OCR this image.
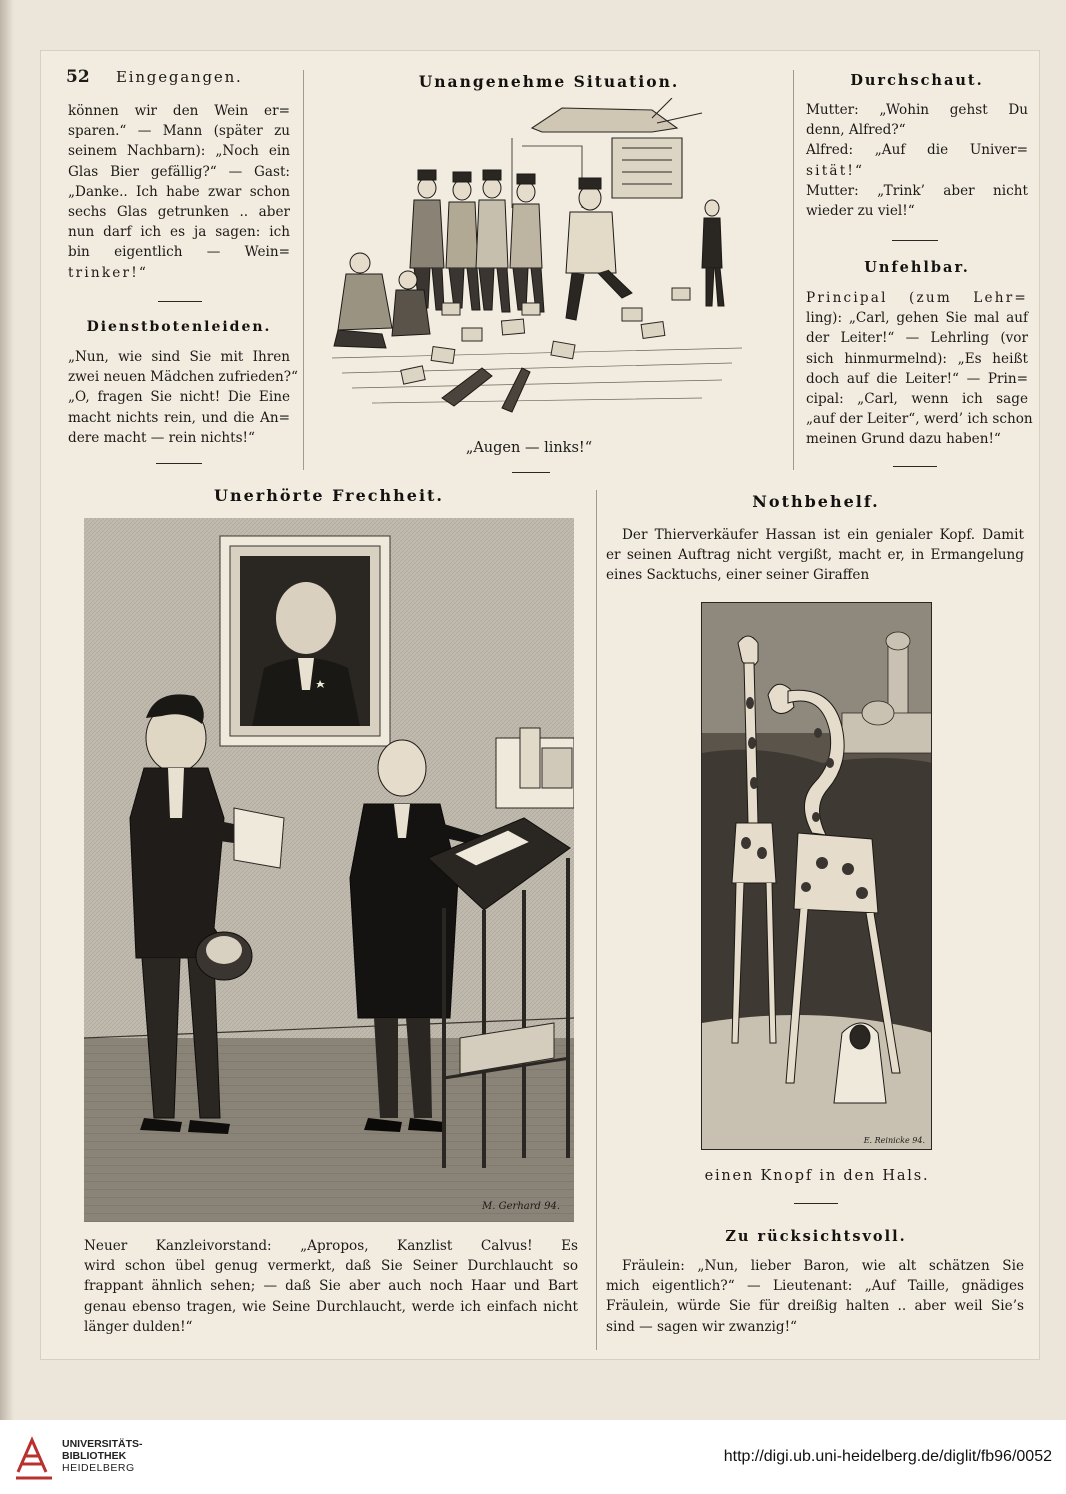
52 Eingegangen.
können wir den Wein er=
sparen.“ — Mann (später zu
seinem Nachbarn): „Noch ein
Glas Bier gefällig?“ — Gast:
„Danke.. Ich habe zwar schon
sechs Glas getrunken .. aber
nun darf ich es ja sagen: ich
bin eigentlich — Wein=
trinker!“
Dienstbotenleiden.
„Nun, wie sind Sie mit Ihren
zwei neuen Mädchen zufrieden?“
„O, fragen Sie nicht! Die Eine
macht nichts rein, und die An=
dere macht — rein nichts!“
Unangenehme Situation.
„Augen — links!“
Durchschaut.
Mutter: „Wohin gehst Du
denn, Alfred?“
Alfred: „Auf die Univer=
sität!“
Mutter: „Trink’ aber nicht
wieder zu viel!“
Unfehlbar.
Principal (zum Lehr=
ling): „Carl, gehen Sie mal auf
der Leiter!“ — Lehrling (vor
sich hinmurmelnd): „Es heißt
doch auf die Leiter!“ — Prin=
cipal: „Carl, wenn ich sage
„auf der Leiter“, werd’ ich schon
meinen Grund dazu haben!“
Unerhörte Frechheit.
M. Gerhard 94.
Neuer Kanzleivorstand: „Apropos, Kanzlist Calvus! Es
wird schon übel genug vermerkt, daß Sie Seiner Durchlaucht so
frappant ähnlich sehen; — daß Sie aber auch noch Haar und Bart
genau ebenso tragen, wie Seine Durchlaucht, werde ich einfach nicht
länger dulden!“
Nothbehelf.
Der Thierverkäufer Hassan ist ein genialer Kopf. Damit
er seinen Auftrag nicht vergißt, macht er, in Ermangelung
eines Sacktuchs, einer seiner Giraffen
E. Reinicke 94.
einen Knopf in den Hals.
Zu rücksichtsvoll.
Fräulein: „Nun, lieber Baron, wie alt schätzen Sie
mich eigentlich?“ — Lieutenant: „Auf Taille, gnädiges
Fräulein, würde Sie für dreißig halten .. aber weil Sie’s
sind — sagen wir zwanzig!“
UNIVERSITÄTS-
BIBLIOTHEK
HEIDELBERG
http://digi.ub.uni-heidelberg.de/diglit/fb96/0052
